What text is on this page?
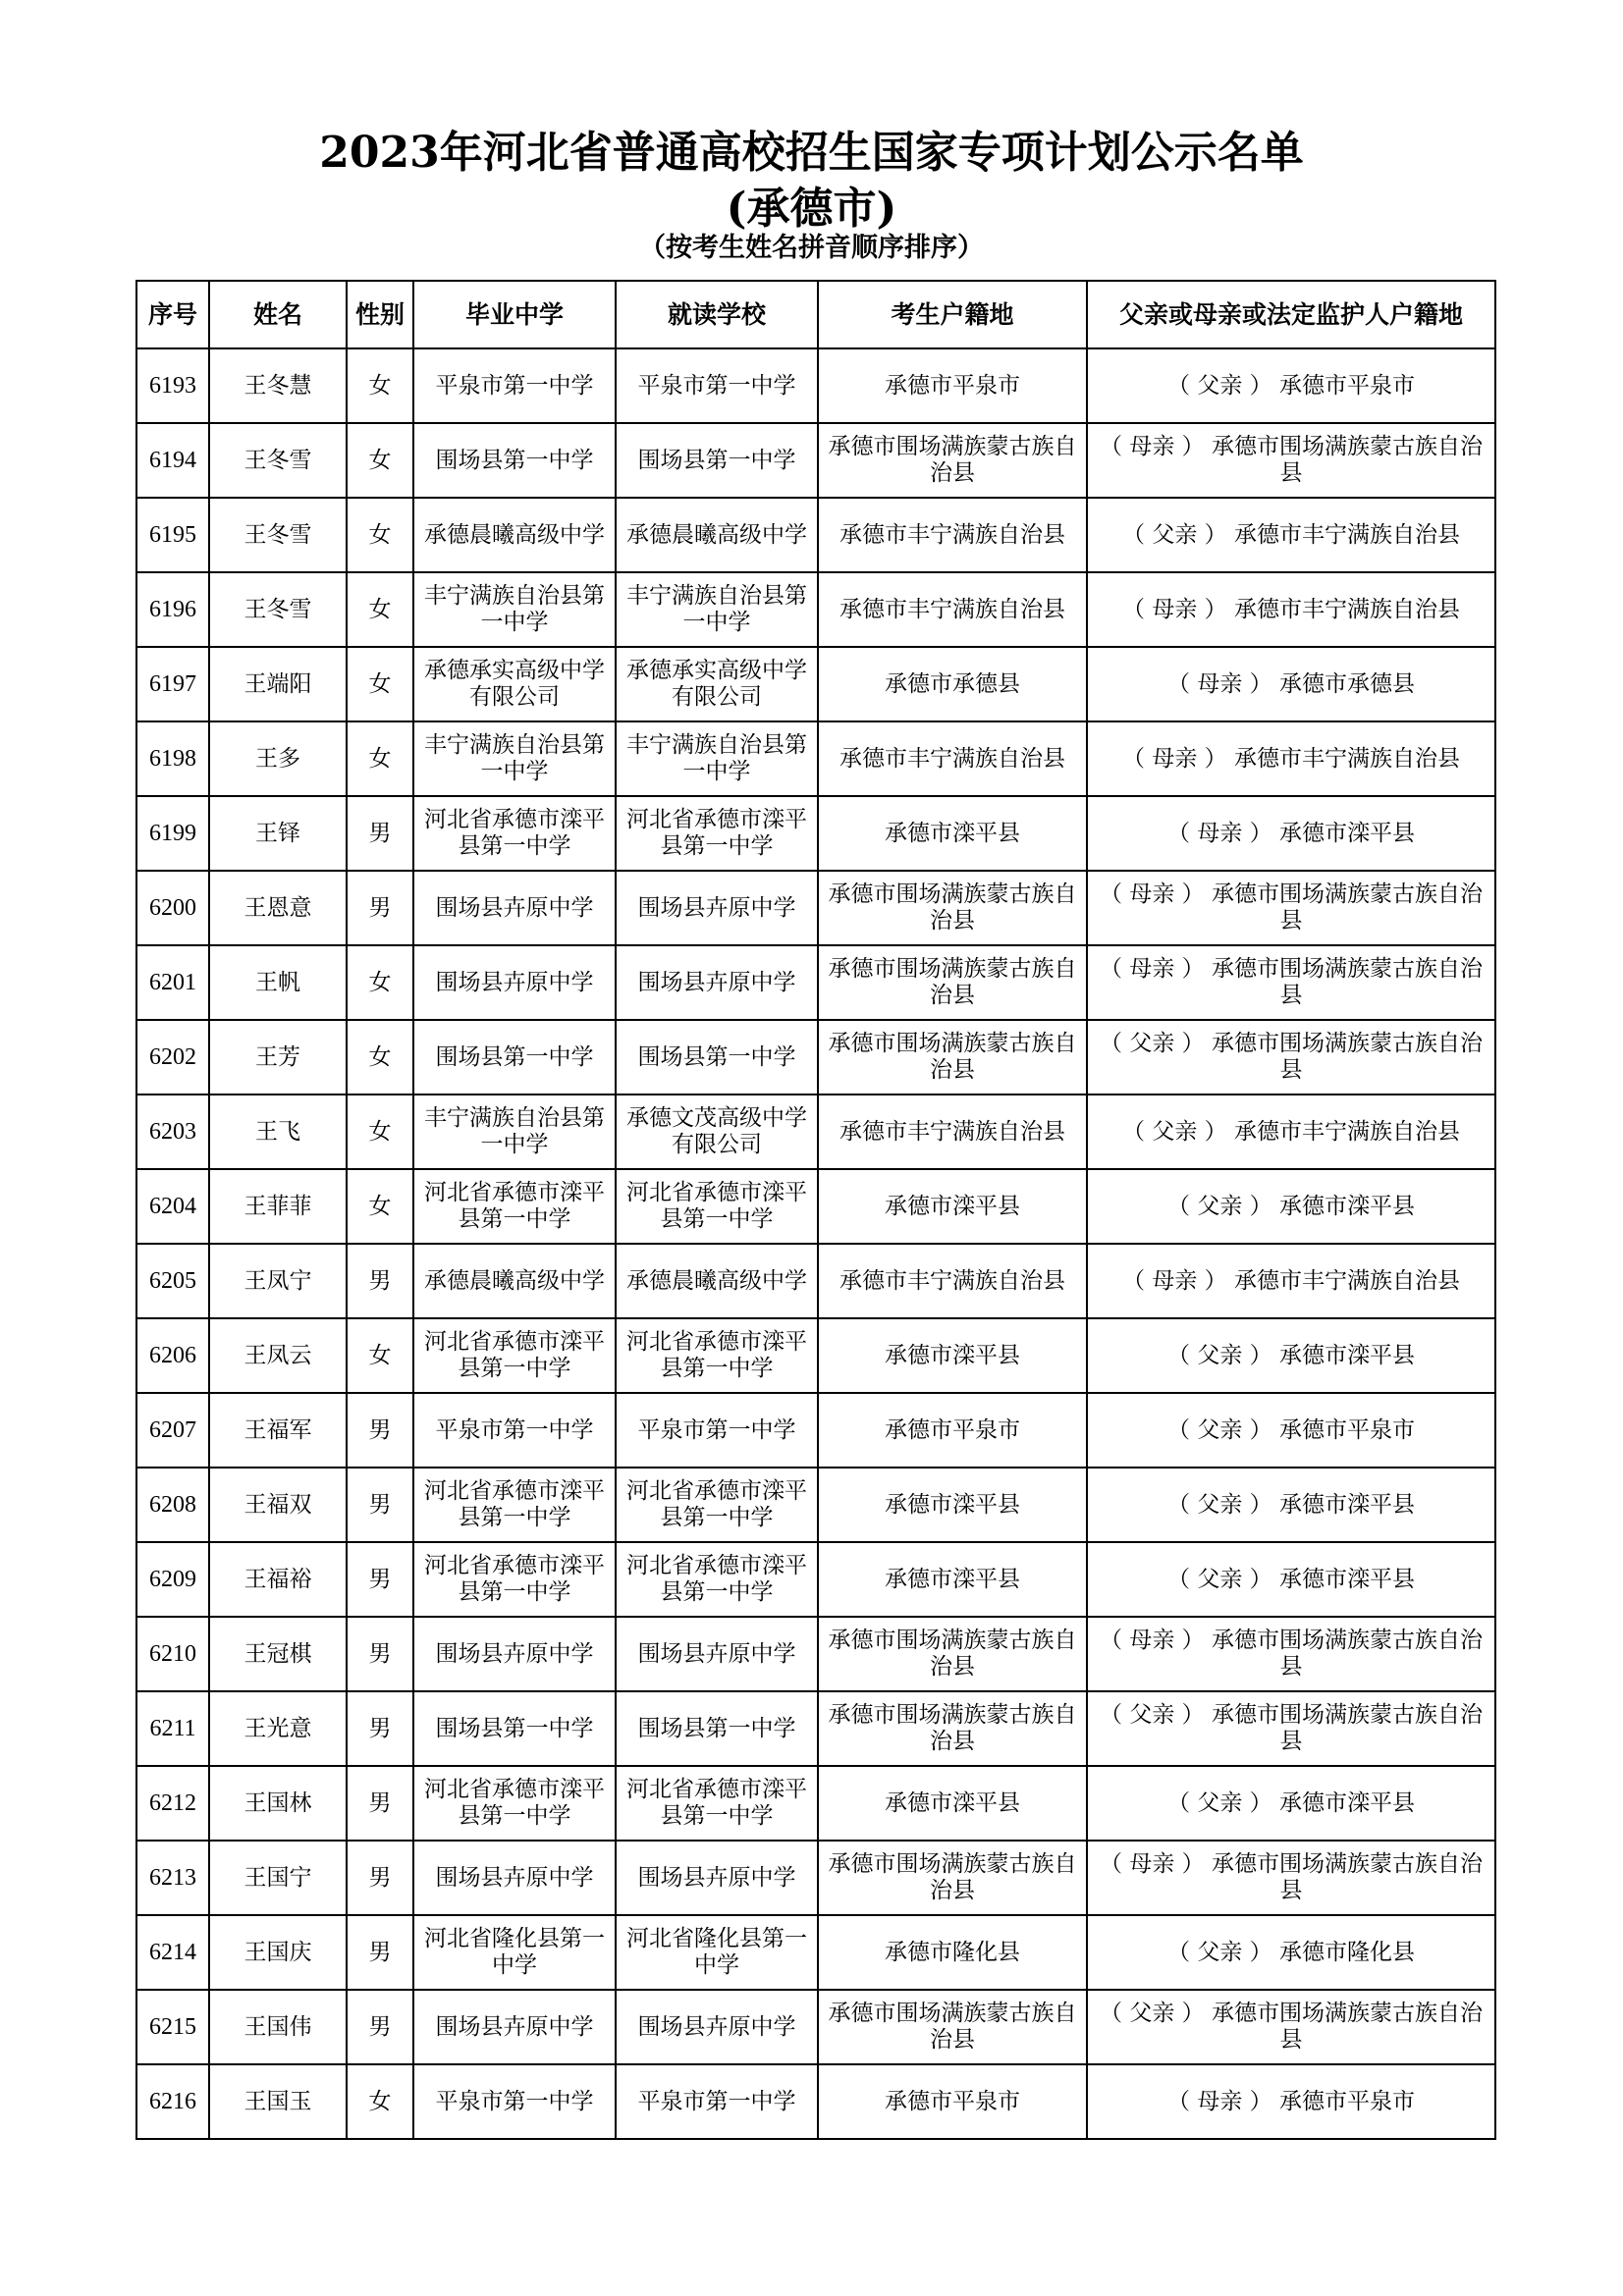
2023年河北省普通高校招生国家专项计划公示名单
(承德市)
（按考生姓名拼音顺序排序）
序号	姓名	性别	毕业中学	就读学校	考生户籍地	父亲或母亲或法定监护人户籍地
6193	王冬慧	女	平泉市第一中学	平泉市第一中学	承德市平泉市	（ 父亲 ） 承德市平泉市
6194	王冬雪	女	围场县第一中学	围场县第一中学	承德市围场满族蒙古族自治县	（ 母亲 ） 承德市围场满族蒙古族自治县
6195	王冬雪	女	承德晨曦高级中学	承德晨曦高级中学	承德市丰宁满族自治县	（ 父亲 ） 承德市丰宁满族自治县
6196	王冬雪	女	丰宁满族自治县第一中学	丰宁满族自治县第一中学	承德市丰宁满族自治县	（ 母亲 ） 承德市丰宁满族自治县
6197	王端阳	女	承德承实高级中学有限公司	承德承实高级中学有限公司	承德市承德县	（ 母亲 ） 承德市承德县
6198	王多	女	丰宁满族自治县第一中学	丰宁满族自治县第一中学	承德市丰宁满族自治县	（ 母亲 ） 承德市丰宁满族自治县
6199	王铎	男	河北省承德市滦平县第一中学	河北省承德市滦平县第一中学	承德市滦平县	（ 母亲 ） 承德市滦平县
6200	王恩意	男	围场县卉原中学	围场县卉原中学	承德市围场满族蒙古族自治县	（ 母亲 ） 承德市围场满族蒙古族自治县
6201	王帆	女	围场县卉原中学	围场县卉原中学	承德市围场满族蒙古族自治县	（ 母亲 ） 承德市围场满族蒙古族自治县
6202	王芳	女	围场县第一中学	围场县第一中学	承德市围场满族蒙古族自治县	（ 父亲 ） 承德市围场满族蒙古族自治县
6203	王飞	女	丰宁满族自治县第一中学	承德文茂高级中学有限公司	承德市丰宁满族自治县	（ 父亲 ） 承德市丰宁满族自治县
6204	王菲菲	女	河北省承德市滦平县第一中学	河北省承德市滦平县第一中学	承德市滦平县	（ 父亲 ） 承德市滦平县
6205	王凤宁	男	承德晨曦高级中学	承德晨曦高级中学	承德市丰宁满族自治县	（ 母亲 ） 承德市丰宁满族自治县
6206	王凤云	女	河北省承德市滦平县第一中学	河北省承德市滦平县第一中学	承德市滦平县	（ 父亲 ） 承德市滦平县
6207	王福军	男	平泉市第一中学	平泉市第一中学	承德市平泉市	（ 父亲 ） 承德市平泉市
6208	王福双	男	河北省承德市滦平县第一中学	河北省承德市滦平县第一中学	承德市滦平县	（ 父亲 ） 承德市滦平县
6209	王福裕	男	河北省承德市滦平县第一中学	河北省承德市滦平县第一中学	承德市滦平县	（ 父亲 ） 承德市滦平县
6210	王冠棋	男	围场县卉原中学	围场县卉原中学	承德市围场满族蒙古族自治县	（ 母亲 ） 承德市围场满族蒙古族自治县
6211	王光意	男	围场县第一中学	围场县第一中学	承德市围场满族蒙古族自治县	（ 父亲 ） 承德市围场满族蒙古族自治县
6212	王国林	男	河北省承德市滦平县第一中学	河北省承德市滦平县第一中学	承德市滦平县	（ 父亲 ） 承德市滦平县
6213	王国宁	男	围场县卉原中学	围场县卉原中学	承德市围场满族蒙古族自治县	（ 母亲 ） 承德市围场满族蒙古族自治县
6214	王国庆	男	河北省隆化县第一中学	河北省隆化县第一中学	承德市隆化县	（ 父亲 ） 承德市隆化县
6215	王国伟	男	围场县卉原中学	围场县卉原中学	承德市围场满族蒙古族自治县	（ 父亲 ） 承德市围场满族蒙古族自治县
6216	王国玉	女	平泉市第一中学	平泉市第一中学	承德市平泉市	（ 母亲 ） 承德市平泉市
